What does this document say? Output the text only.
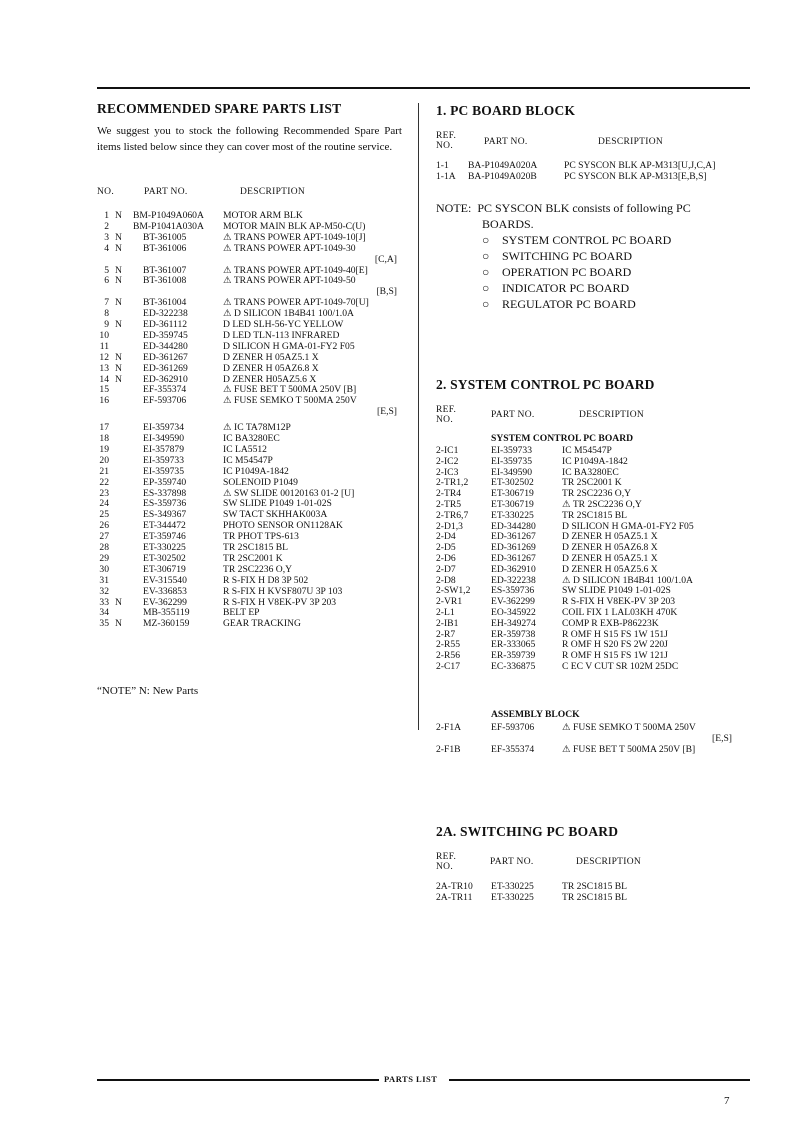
RECOMMENDED SPARE PARTS LIST
We suggest you to stock the following Recommended Spare Part items listed below since they can cover most of the routine service.
NO.	PART NO.	DESCRIPTION
1 N BM-P1049A060A MOTOR ARM BLK
2	BM-P1041A030A MOTOR MAIN BLK AP-M50-C(U)
3 N BT-361005	⚠ TRANS POWER APT-1049-10[J]
4 N BT-361006	⚠ TRANS POWER APT-1049-30
[C,A]
5 N BT-361007	⚠ TRANS POWER APT-1049-40[E]
6 N BT-361008	⚠ TRANS POWER APT-1049-50
[B,S]
7 N BT-361004	⚠ TRANS POWER APT-1049-70[U]
8	ED-322238	⚠ D SILICON 1B4B41 100/1.0A
9 N ED-361112	D LED SLH-56-YC YELLOW
10	ED-359745	D LED TLN-113 INFRARED
11	ED-344280	D SILICON H GMA-01-FY2 F05
12 N ED-361267	D ZENER H 05AZ5.1 X
13 N ED-361269	D ZENER H 05AZ6.8 X
14 N ED-362910	D ZENER H05AZ5.6 X
15	EF-355374	⚠ FUSE BET T 500MA 250V [B]
16	EF-593706	⚠ FUSE SEMKO T 500MA 250V
[E,S]
17	EI-359734	⚠ IC TA78M12P
18	EI-349590	IC BA3280EC
19	EI-357879	IC LA5512
20	EI-359733	IC M54547P
21	EI-359735	IC P1049A-1842
22	EP-359740	SOLENOID P1049
23	ES-337898	⚠ SW SLIDE 00120163 01-2 [U]
24	ES-359736	SW SLIDE P1049 1-01-02S
25	ES-349367	SW TACT SKHHAK003A
26	ET-344472	PHOTO SENSOR ON1128AK
27	ET-359746	TR PHOT TPS-613
28	ET-330225	TR 2SC1815 BL
29	ET-302502	TR 2SC2001 K
30	ET-306719	TR 2SC2236 O,Y
31	EV-315540	R S-FIX H D8 3P 502
32	EV-336853	R S-FIX H KVSF807U 3P 103
33 N EV-362299	R S-FIX H V8EK-PV 3P 203
34	MB-355119	BELT EP
35 N MZ-360159	GEAR TRACKING
“NOTE” N: New Parts
1. PC BOARD BLOCK
REF.
NO.	PART NO.	DESCRIPTION
1-1 BA-P1049A020A	PC SYSCON BLK AP-M313[U,J,C,A]
1-1A BA-P1049A020B	PC SYSCON BLK AP-M313[E,B,S]
NOTE: PC SYSCON BLK consists of following PC
BOARDS.
○ SYSTEM CONTROL PC BOARD
○ SWITCHING PC BOARD
○ OPERATION PC BOARD
○ INDICATOR PC BOARD
○ REGULATOR PC BOARD
2. SYSTEM CONTROL PC BOARD
REF.
NO.	PART NO.	DESCRIPTION
SYSTEM CONTROL PC BOARD
2-IC1	EI-359733	IC M54547P
2-IC2	EI-359735	IC P1049A-1842
2-IC3	EI-349590	IC BA3280EC
2-TR1,2 ET-302502	TR 2SC2001 K
2-TR4	ET-306719	TR 2SC2236 O,Y
2-TR5	ET-306719	⚠ TR 2SC2236 O,Y
2-TR6,7 ET-330225	TR 2SC1815 BL
2-D1,3	ED-344280	D SILICON H GMA-01-FY2 F05
2-D4	ED-361267	D ZENER H 05AZ5.1 X
2-D5	ED-361269	D ZENER H 05AZ6.8 X
2-D6	ED-361267	D ZENER H 05AZ5.1 X
2-D7	ED-362910	D ZENER H 05AZ5.6 X
2-D8	ED-322238	⚠ D SILICON 1B4B41 100/1.0A
2-SW1,2 ES-359736	SW SLIDE P1049 1-01-02S
2-VR1	EV-362299	R S-FIX H V8EK-PV 3P 203
2-L1	EO-345922	COIL FIX 1 LAL03KH 470K
2-IB1	EH-349274	COMP R EXB-P86223K
2-R7	ER-359738	R OMF H S15 FS 1W 151J
2-R55	ER-333065	R OMF H S20 FS 2W 220J
2-R56	ER-359739	R OMF H S15 FS 1W 121J
2-C17	EC-336875	C EC V CUT SR 102M 25DC
2-F1A	EF-593706	⚠ FUSE SEMKO T 500MA 250V
[E,S]
2-F1B	EF-355374	⚠ FUSE BET T 500MA 250V [B]
ASSEMBLY BLOCK
2A. SWITCHING PC BOARD
REF.
NO.	PART NO.	DESCRIPTION
2A-TR10 ET-330225	TR 2SC1815 BL
2A-TR11 ET-330225	TR 2SC1815 BL
PARTS LIST
7
